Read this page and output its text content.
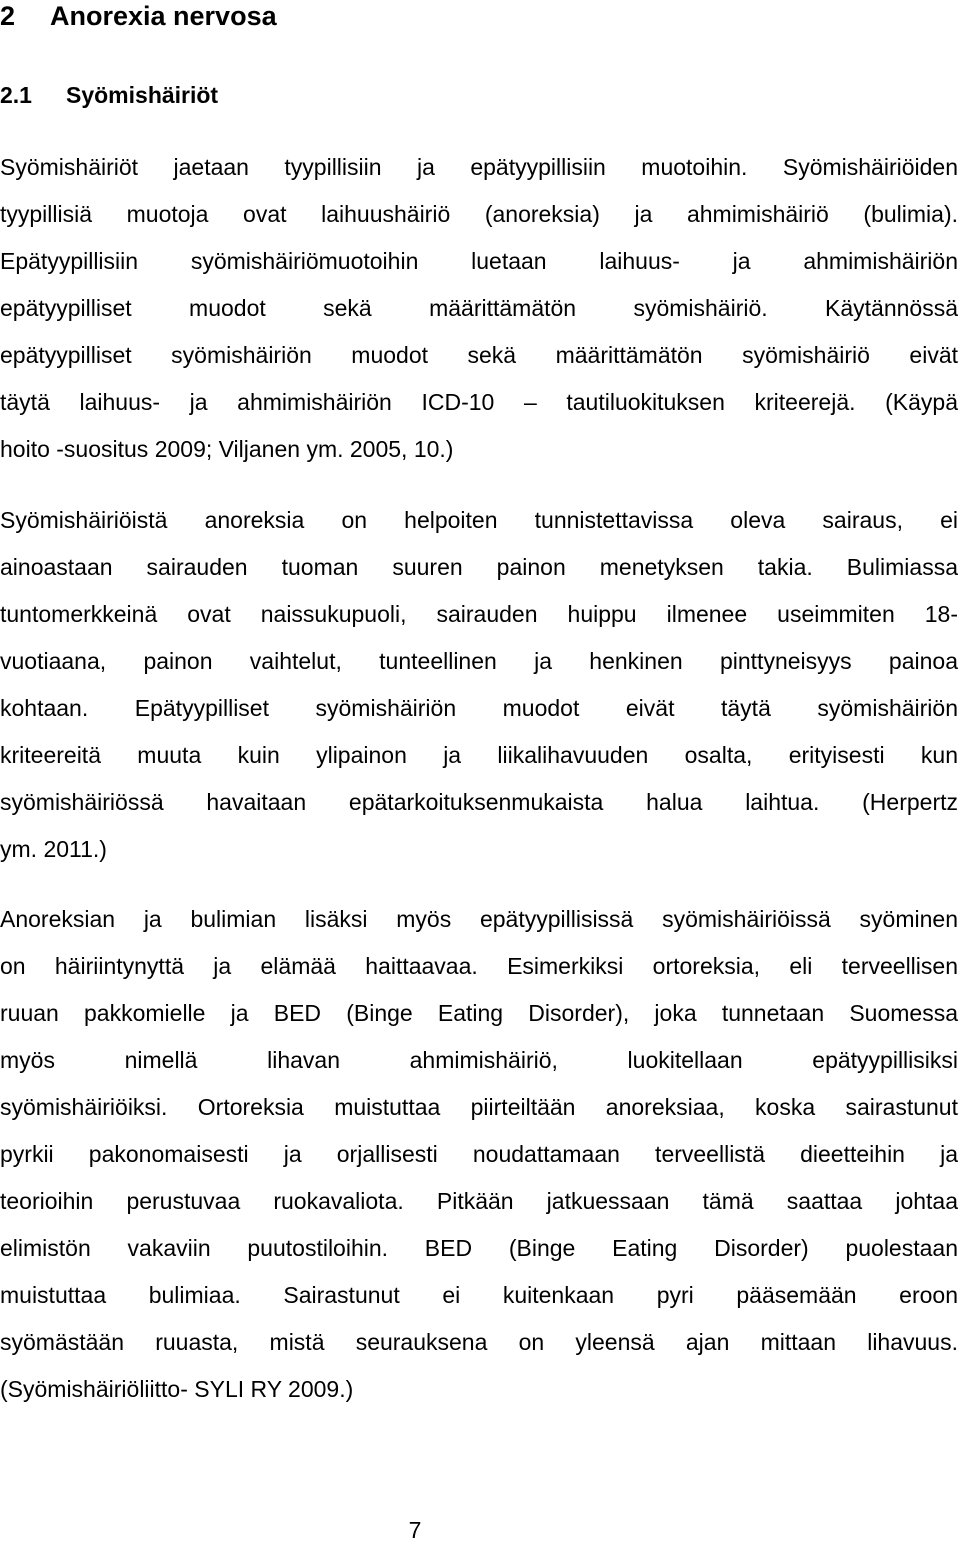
2 Anorexia nervosa
2.1 Syömishäiriöt
Syömishäiriöt jaetaan tyypillisiin ja epätyypillisiin muotoihin. Syömishäiriöiden
tyypillisiä muotoja ovat laihuushäiriö (anoreksia) ja ahmimishäiriö (bulimia).
Epätyypillisiin syömishäiriömuotoihin luetaan laihuus- ja ahmimishäiriön
epätyypilliset muodot sekä määrittämätön syömishäiriö. Käytännössä
epätyypilliset syömishäiriön muodot sekä määrittämätön syömishäiriö eivät
täytä laihuus- ja ahmimishäiriön ICD-10 – tautiluokituksen kriteerejä. (Käypä
hoito -suositus 2009; Viljanen ym. 2005, 10.)
Syömishäiriöistä anoreksia on helpoiten tunnistettavissa oleva sairaus, ei
ainoastaan sairauden tuoman suuren painon menetyksen takia. Bulimiassa
tuntomerkkeinä ovat naissukupuoli, sairauden huippu ilmenee useimmiten 18-
vuotiaana, painon vaihtelut, tunteellinen ja henkinen pinttyneisyys painoa
kohtaan. Epätyypilliset syömishäiriön muodot eivät täytä syömishäiriön
kriteereitä muuta kuin ylipainon ja liikalihavuuden osalta, erityisesti kun
syömishäiriössä havaitaan epätarkoituksenmukaista halua laihtua. (Herpertz
ym. 2011.)
Anoreksian ja bulimian lisäksi myös epätyypillisissä syömishäiriöissä syöminen
on häiriintynyttä ja elämää haittaavaa. Esimerkiksi ortoreksia, eli terveellisen
ruuan pakkomielle ja BED (Binge Eating Disorder), joka tunnetaan Suomessa
myös nimellä lihavan ahmimishäiriö, luokitellaan epätyypillisiksi
syömishäiriöiksi. Ortoreksia muistuttaa piirteiltään anoreksiaa, koska sairastunut
pyrkii pakonomaisesti ja orjallisesti noudattamaan terveellistä dieetteihin ja
teorioihin perustuvaa ruokavaliota. Pitkään jatkuessaan tämä saattaa johtaa
elimistön vakaviin puutostiloihin. BED (Binge Eating Disorder) puolestaan
muistuttaa bulimiaa. Sairastunut ei kuitenkaan pyri pääsemään eroon
syömästään ruuasta, mistä seurauksena on yleensä ajan mittaan lihavuus.
(Syömishäiriöliitto- SYLI RY 2009.)
7
